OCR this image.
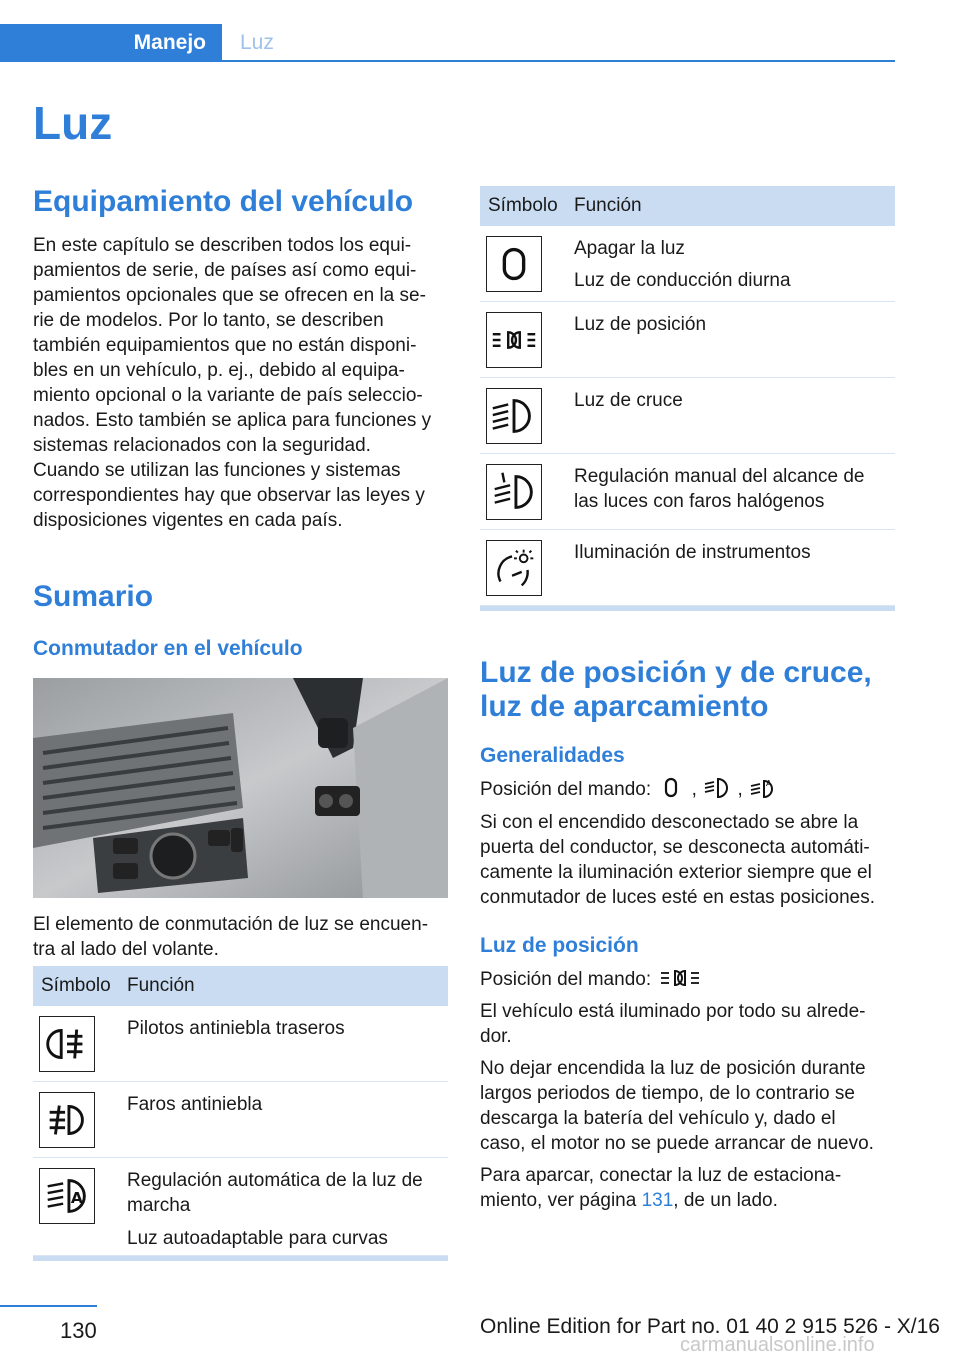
Manejo	Luz
Luz
Equipamiento del vehículo
En este capítulo se describen todos los equi‐
pamientos de serie, de países así como equi‐
pamientos opcionales que se ofrecen en la se‐
rie de modelos. Por lo tanto, se describen
también equipamientos que no están disponi‐
bles en un vehículo, p. ej., debido al equipa‐
miento opcional o la variante de país seleccio‐
nados. Esto también se aplica para funciones y
sistemas relacionados con la seguridad.
Cuando se utilizan las funciones y sistemas
correspondientes hay que observar las leyes y
disposiciones vigentes en cada país.
Sumario
Conmutador en el vehículo
El elemento de conmutación de luz se encuen‐
tra al lado del volante.
Símbolo Función
Pilotos antiniebla traseros
Faros antiniebla
A
Regulación automática de la luz de
marcha
Luz autoadaptable para curvas
Símbolo Función
Apagar la luz
Luz de conducción diurna
Luz de posición
Luz de cruce
Regulación manual del alcance de
las luces con faros halógenos
Iluminación de instrumentos
Luz de posición y de cruce,
luz de aparcamiento
Generalidades
Posición del mando: , ,	A
Si con el encendido desconectado se abre la
puerta del conductor, se desconecta automáti‐
camente la iluminación exterior siempre que el
conmutador de luces esté en estas posiciones.
Luz de posición
Posición del mando:
El vehículo está iluminado por todo su alrede‐
dor.
No dejar encendida la luz de posición durante
largos periodos de tiempo, de lo contrario se
descarga la batería del vehículo y, dado el
caso, el motor no se puede arrancar de nuevo.
Para aparcar, conectar la luz de estaciona‐
miento, ver página 131, de un lado.
130	Online Edition for Part no. 01 40 2 915 526 - X/16
carmanualsonline.info
